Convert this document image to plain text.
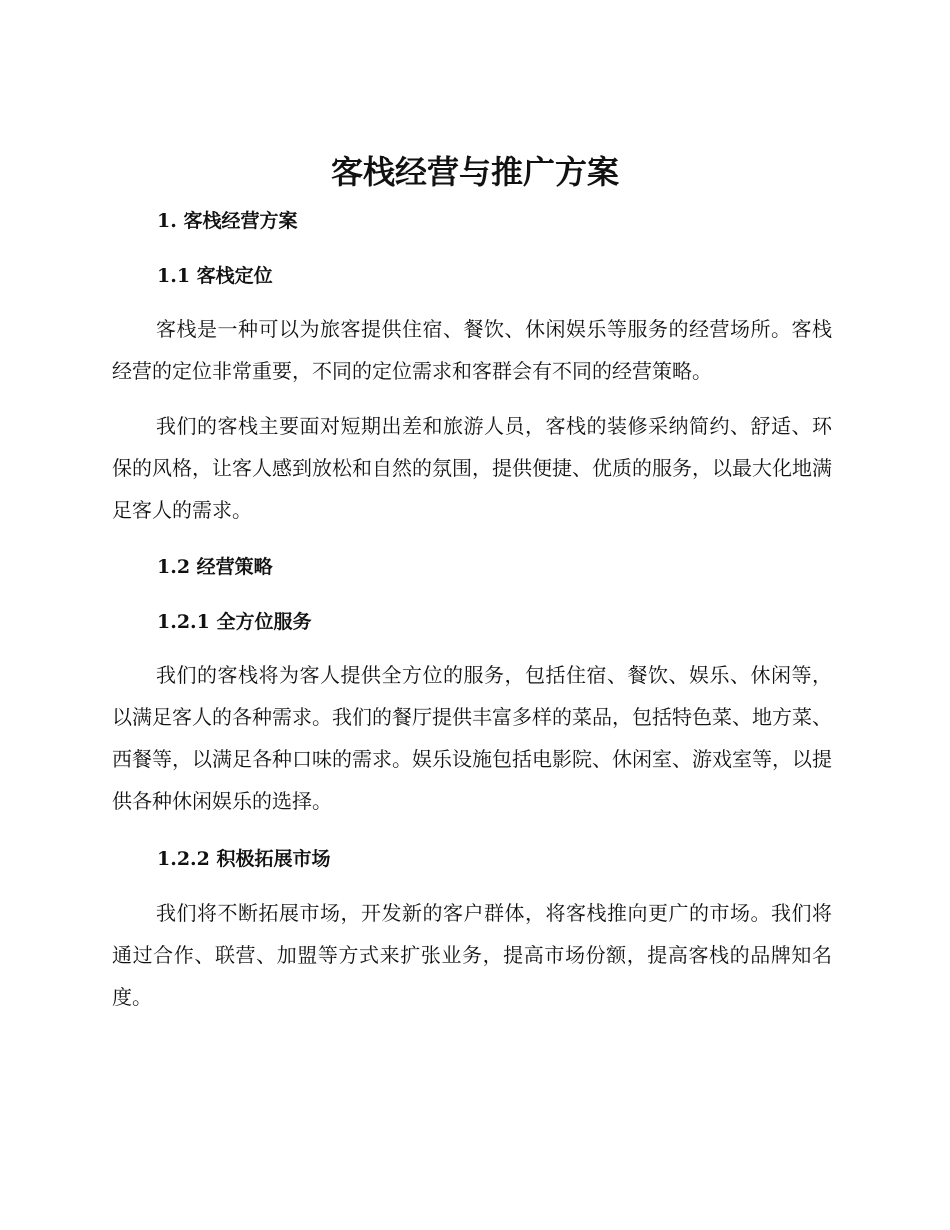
客栈经营与推广方案
1. 客栈经营方案
1.1 客栈定位

客栈是一种可以为旅客提供住宿、餐饮、休闲娱乐等服务的经营场所。客栈经营的定位非常重要，不同的定位需求和客群会有不同的经营策略。

我们的客栈主要面对短期出差和旅游人员，客栈的装修采纳简约、舒适、环保的风格，让客人感到放松和自然的氛围，提供便捷、优质的服务，以最大化地满足客人的需求。

1.2 经营策略
1.2.1 全方位服务

我们的客栈将为客人提供全方位的服务，包括住宿、餐饮、娱乐、休闲等，以满足客人的各种需求。我们的餐厅提供丰富多样的菜品，包括特色菜、地方菜、西餐等，以满足各种口味的需求。娱乐设施包括电影院、休闲室、游戏室等，以提供各种休闲娱乐的选择。

1.2.2 积极拓展市场

我们将不断拓展市场，开发新的客户群体，将客栈推向更广的市场。我们将通过合作、联营、加盟等方式来扩张业务，提高市场份额，提高客栈的品牌知名度。
